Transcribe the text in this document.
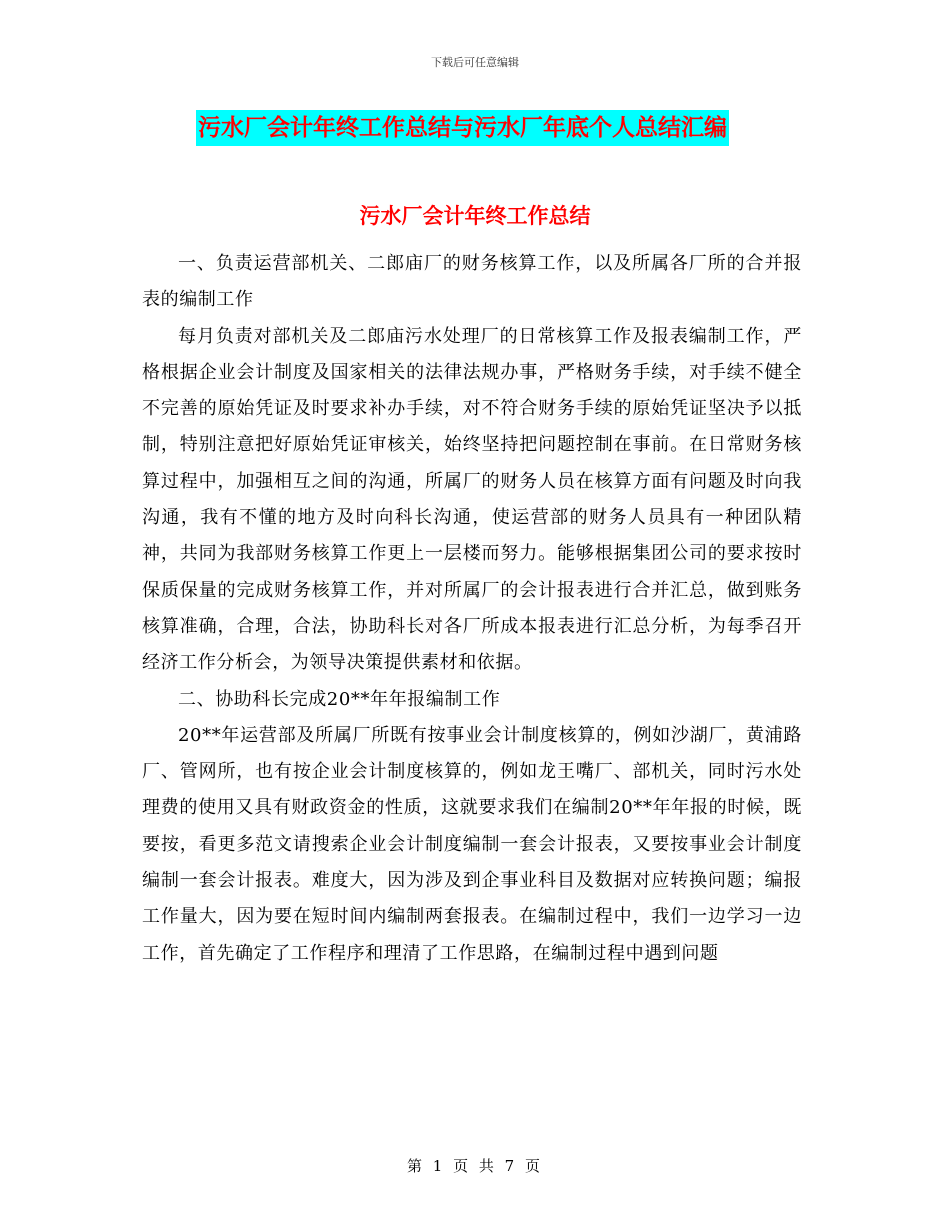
下载后可任意编辑
污水厂会计年终工作总结与污水厂年底个人总结汇编
污水厂会计年终工作总结

一、负责运营部机关、二郎庙厂的财务核算工作，以及所属各厂所的合并报表的编制工作

每月负责对部机关及二郎庙污水处理厂的日常核算工作及报表编制工作，严格根据企业会计制度及国家相关的法律法规办事，严格财务手续，对手续不健全不完善的原始凭证及时要求补办手续，对不符合财务手续的原始凭证坚决予以抵制，特别注意把好原始凭证审核关，始终坚持把问题控制在事前。在日常财务核算过程中，加强相互之间的沟通，所属厂的财务人员在核算方面有问题及时向我沟通，我有不懂的地方及时向科长沟通，使运营部的财务人员具有一种团队精神，共同为我部财务核算工作更上一层楼而努力。能够根据集团公司的要求按时保质保量的完成财务核算工作，并对所属厂的会计报表进行合并汇总，做到账务核算准确，合理，合法，协助科长对各厂所成本报表进行汇总分析，为每季召开经济工作分析会，为领导决策提供素材和依据。

二、协助科长完成20**年年报编制工作

20**年运营部及所属厂所既有按事业会计制度核算的，例如沙湖厂，黄浦路厂、管网所，也有按企业会计制度核算的，例如龙王嘴厂、部机关，同时污水处理费的使用又具有财政资金的性质，这就要求我们在编制20**年年报的时候，既要按，看更多范文请搜索企业会计制度编制一套会计报表，又要按事业会计制度编制一套会计报表。难度大，因为涉及到企事业科目及数据对应转换问题；编报工作量大，因为要在短时间内编制两套报表。在编制过程中，我们一边学习一边工作，首先确定了工作程序和理清了工作思路，在编制过程中遇到问题

第 1 页 共 7 页
